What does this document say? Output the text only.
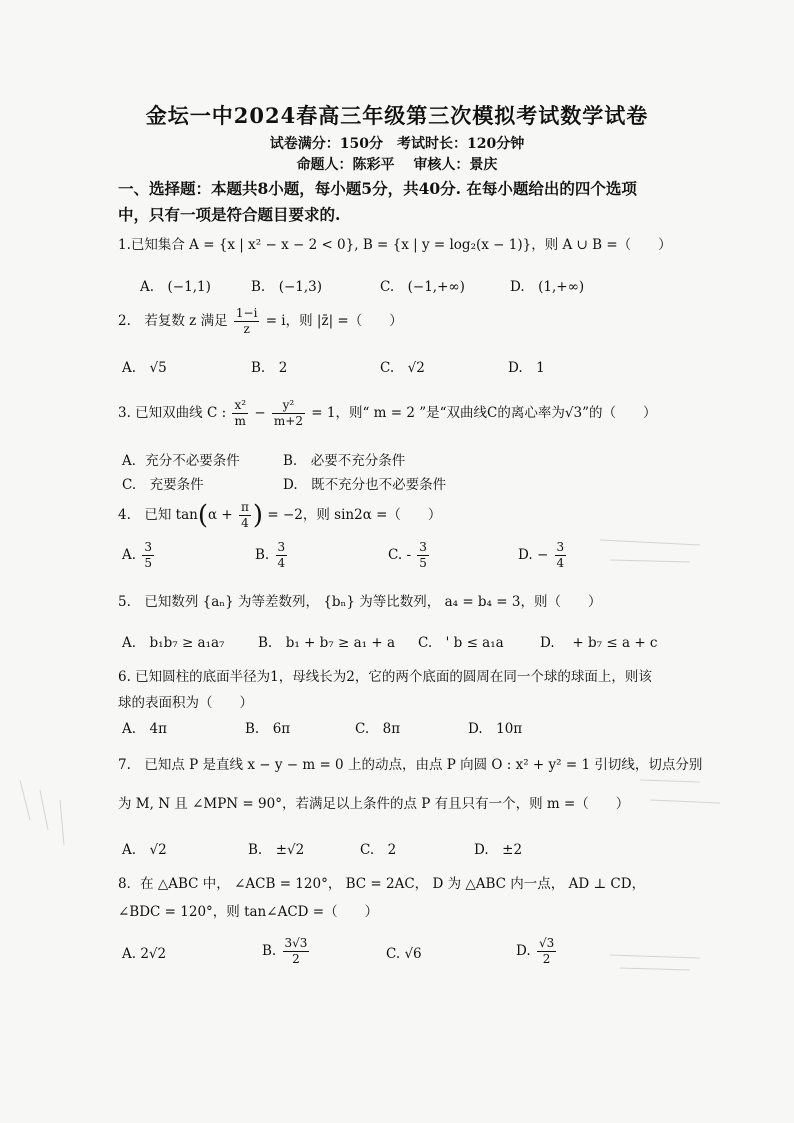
金坛一中2024春高三年级第三次模拟考试数学试卷
试卷满分：150分　考试时长：120分钟
命题人：陈彩平　 审核人：景庆
一、选择题：本题共8小题，每小题5分，共40分. 在每小题给出的四个选项
中，只有一项是符合题目要求的.
1.已知集合 A = {x | x² − x − 2 < 0}, B = {x | y = log₂(x − 1)}，则 A ∪ B =（　　）
A.　(−1,1)	B.　(−1,3)	C.　(−1,+∞)	D.　(1,+∞)
2.　若复数 z 满足 $\frac{1-i}{z} = i$，则 |z̄| =（　　）
A.　√5	B.　2	C.　√2	D.　1
3. 已知双曲线 C : $\frac{\text{x²}}{m} - \frac{\text{y²}}{m+2} = 1$，则“ m = 2 ”是“双曲线C的离心率为√3”的（　　）
A．充分不必要条件	B.　必要不充分条件
C.　充要条件	D.　既不充分也不必要条件
4.　已知 $\tan(\alpha + \frac{\pi}{4}$ ) = −2，则 sin2α =（　　）
A. $\frac{3}{5}$	B. $\frac{3}{4}$	C. - $\frac{3}{5}$	D. − $\frac{3}{4}$
5.　已知数列 {aₙ} 为等差数列， {bₙ} 为等比数列， a₄ = b₄ = 3，则（　　）
A.　b₁b₇ ≥ a₁a₇ B.　b₁ + b₇ ≥ a₁ + a C.　' b ≤ a₁a	D.　 + b₇ ≤ a + c
6. 已知圆柱的底面半径为1，母线长为2，它的两个底面的圆周在同一个球的球面上，则该
球的表面积为（　　）
A.　4π	B.　6π	C.　8π	D.　10π
7.　已知点 P 是直线 x − y − m = 0 上的动点，由点 P 向圆 O : x² + y² = 1 引切线，切点分别
为 M, N 且 ∠MPN = 90°，若满足以上条件的点 P 有且只有一个，则 m =（　　）
A.　√2	B.　±√2	C.　2	D.　±2
8．在 △ABC 中， ∠ACB = 120°， BC = 2AC， D 为 △ABC 内一点， AD ⊥ CD，
∠BDC = 120°，则 tan∠ACD =（　　）
A. 2√2	B. $\frac{3√3}{2}$	C. √6	D. $\frac{√3}{2}$
